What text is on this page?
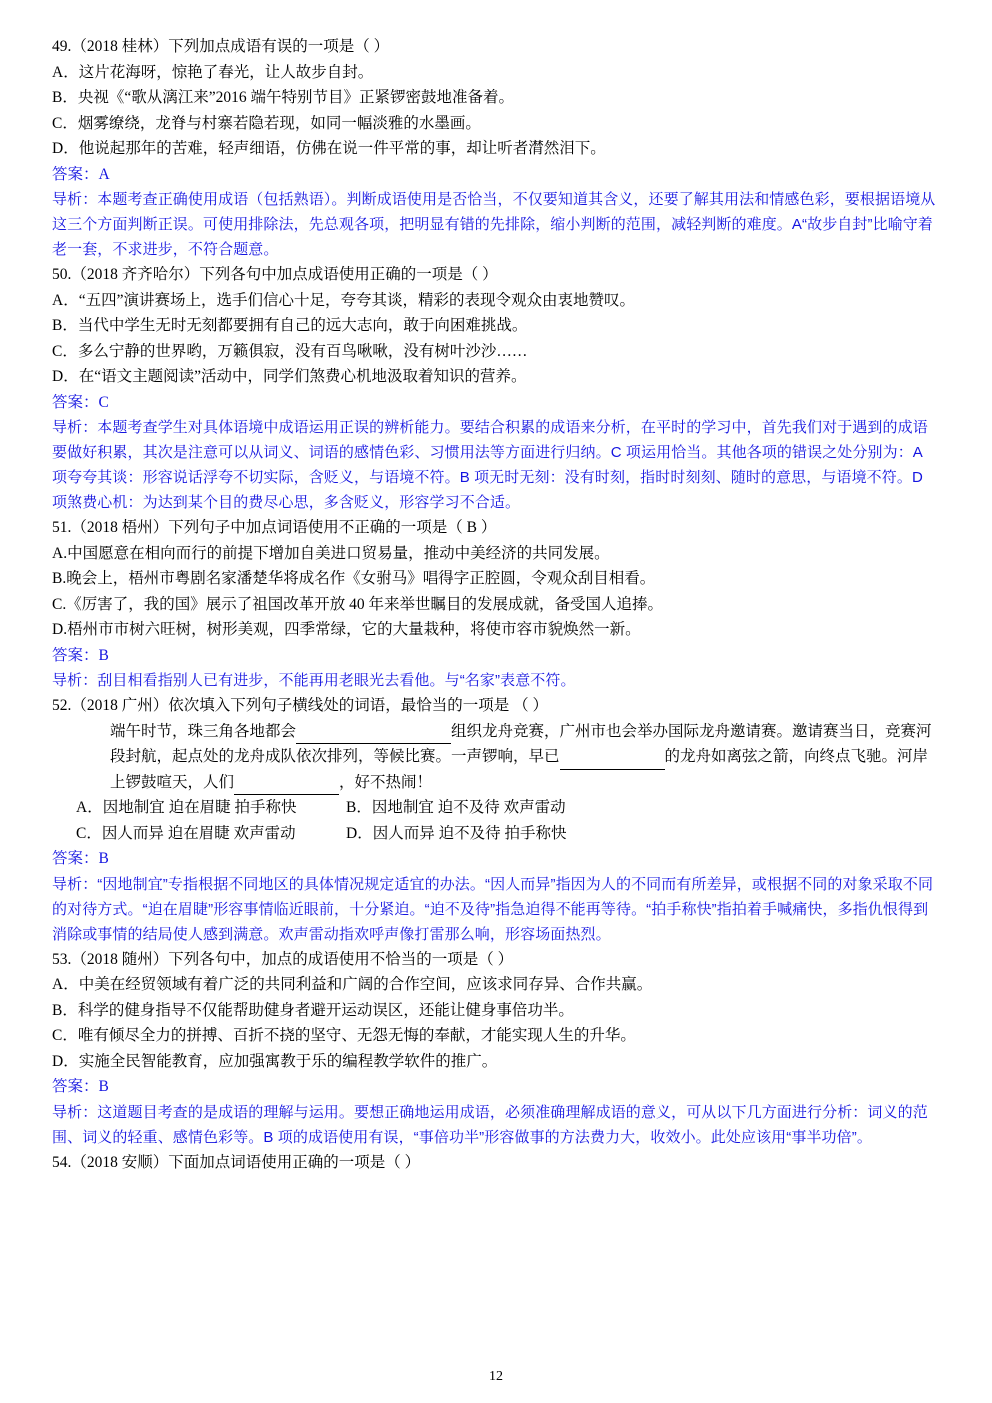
49.（2018 桂林）下列加点成语有误的一项是（ ）
A．这片花海呀，惊艳了春光，让人故步自封。
B．央视《“歌从漓江来”2016 端午特别节目》正紧锣密鼓地准备着。
C．烟雾缭绕，龙脊与村寨若隐若现，如同一幅淡雅的水墨画。
D．他说起那年的苦难，轻声细语，仿佛在说一件平常的事，却让听者潸然泪下。
答案：A
导析：本题考查正确使用成语（包括熟语）。判断成语使用是否恰当，不仅要知道其含义，还要了解其用法和情感色彩，要根据语境从这三个方面判断正误。可使用排除法，先总观各项，把明显有错的先排除，缩小判断的范围，减轻判断的难度。A“故步自封”比喻守着老一套，不求进步，不符合题意。
50.（2018 齐齐哈尔）下列各句中加点成语使用正确的一项是（ ）
A．“五四”演讲赛场上，选手们信心十足，夸夸其谈，精彩的表现令观众由衷地赞叹。
B．当代中学生无时无刻都要拥有自己的远大志向，敢于向困难挑战。
C．多么宁静的世界哟，万籁俱寂，没有百鸟啾啾，没有树叶沙沙……
D．在“语文主题阅读”活动中，同学们煞费心机地汲取着知识的营养。
答案：C
导析：本题考查学生对具体语境中成语运用正误的辨析能力。要结合积累的成语来分析，在平时的学习中，首先我们对于遇到的成语要做好积累，其次是注意可以从词义、词语的感情色彩、习惯用法等方面进行归纳。C 项运用恰当。其他各项的错误之处分别为：A 项夸夸其谈：形容说话浮夸不切实际，含贬义，与语境不符。B 项无时无刻：没有时刻，指时时刻刻、随时的意思，与语境不符。D 项煞费心机：为达到某个目的费尽心思，多含贬义，形容学习不合适。
51.（2018 梧州）下列句子中加点词语使用不正确的一项是（ B ）
A.中国愿意在相向而行的前提下增加自美进口贸易量，推动中美经济的共同发展。
B.晚会上，梧州市粤剧名家潘楚华将成名作《女驸马》唱得字正腔圆，令观众刮目相看。
C.《厉害了，我的国》展示了祖国改革开放 40 年来举世瞩目的发展成就，备受国人追捧。
D.梧州市市树六旺树，树形美观，四季常绿，它的大量栽种，将使市容市貌焕然一新。
答案：B
导析：刮目相看指别人已有进步，不能再用老眼光去看他。与“名家”表意不符。
52.（2018 广州）依次填入下列句子横线处的词语，最恰当的一项是 （ ）
端午时节，珠三角各地都会	组织龙舟竞赛，广州市也会举办国际龙舟邀请赛。邀请赛当日，竞赛河段封航，起点处的龙舟成队依次排列，等候比赛。一声锣响，早已	的龙舟如离弦之箭，向终点飞驰。河岸上锣鼓喧天，人们	，好不热闹！
A．因地制宜 迫在眉睫 拍手称快	B．因地制宜 迫不及待 欢声雷动
C．因人而异 迫在眉睫 欢声雷动	D．因人而异 迫不及待 拍手称快
答案：B
导析：“因地制宜”专指根据不同地区的具体情况规定适宜的办法。“因人而异”指因为人的不同而有所差异，或根据不同的对象采取不同的对待方式。“迫在眉睫”形容事情临近眼前，十分紧迫。“迫不及待”指急迫得不能再等待。“拍手称快”指拍着手喊痛快，多指仇恨得到消除或事情的结局使人感到满意。欢声雷动指欢呼声像打雷那么响，形容场面热烈。
53.（2018 随州）下列各句中，加点的成语使用不恰当的一项是（ ）
A．中美在经贸领域有着广泛的共同利益和广阔的合作空间，应该求同存异、合作共赢。
B．科学的健身指导不仅能帮助健身者避开运动误区，还能让健身事倍功半。
C．唯有倾尽全力的拼搏、百折不挠的坚守、无怨无悔的奉献，才能实现人生的升华。
D．实施全民智能教育，应加强寓教于乐的编程教学软件的推广。
答案：B
导析：这道题目考查的是成语的理解与运用。要想正确地运用成语，必须准确理解成语的意义，可从以下几方面进行分析：词义的范围、词义的轻重、感情色彩等。B 项的成语使用有误，“事倍功半”形容做事的方法费力大，收效小。此处应该用“事半功倍”。
54.（2018 安顺）下面加点词语使用正确的一项是（ ）
12
